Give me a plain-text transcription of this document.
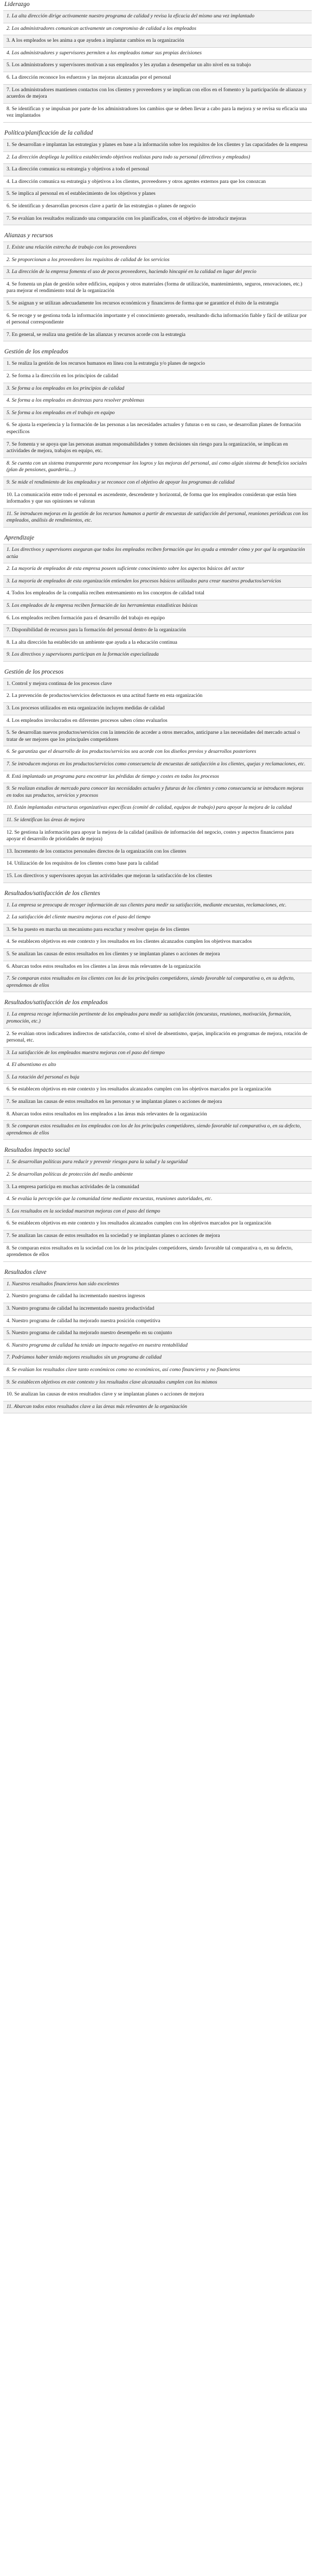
Liderazgo
1. La alta dirección dirige activamente nuestro programa de calidad y revisa la eficacia del mismo una vez implantado
2. Los administradores comunican activamente un compromiso de calidad a los empleados
3. A los empleados se les anima a que ayuden a implantar cambios en la organización
4. Los administradores y supervisores permiten a los empleados tomar sus propias decisiones
5. Los administradores y supervisores motivan a sus empleados y les ayudan a desempeñar un alto nivel en su trabajo
6. La dirección reconoce los esfuerzos y las mejoras alcanzadas por el personal
7. Los administradores mantienen contactos con los clientes y proveedores y se implican con ellos en el fomento y la participación de alianzas y acuerdos de mejora
8. Se identifican y se impulsan por parte de los administradores los cambios que se deben llevar a cabo para la mejora y se revisa su eficacia una vez implantados
Política/planificación de la calidad
1. Se desarrollan e implantan las estrategias y planes en base a la información sobre los requisitos de los clientes y las capacidades de la empresa
2. La dirección despliega la política estableciendo objetivos realistas para todo su personal (directivos y empleados)
3. La dirección comunica su estrategia y objetivos a todo el personal
4. La dirección comunica su estrategia y objetivos a los clientes, proveedores y otros agentes externos para que los conozcan
5. Se implica al personal en el establecimiento de los objetivos y planes
6. Se identifican y desarrollan procesos clave a partir de las estrategias o planes de negocio
7. Se evalúan los resultados realizando una comparación con los planificados, con el objetivo de introducir mejoras
Alianzas y recursos
1. Existe una relación estrecha de trabajo con los proveedores
2. Se proporcionan a los proveedores los requisitos de calidad de los servicios
3. La dirección de la empresa fomenta el uso de pocos proveedores, haciendo hincapié en la calidad en lugar del precio
4. Se fomenta un plan de gestión sobre edificios, equipos y otros materiales (forma de utilización, mantenimiento, seguros, renovaciones, etc.) para mejorar el rendimiento total de la organización
5. Se asignan y se utilizan adecuadamente los recursos económicos y financieros de forma que se garantice el éxito de la estrategia
6. Se recoge y se gestiona toda la información importante y el conocimiento generado, resultando dicha información fiable y fácil de utilizar por el personal correspondiente
7. En general, se realiza una gestión de las alianzas y recursos acorde con la estrategia
Gestión de los empleados
1. Se realiza la gestión de los recursos humanos en línea con la estrategia y/o planes de negocio
2. Se forma a la dirección en los principios de calidad
3. Se forma a los empleados en los principios de calidad
4. Se forma a los empleados en destrezas para resolver problemas
5. Se forma a los empleados en el trabajo en equipo
6. Se ajusta la experiencia y la formación de las personas a las necesidades actuales y futuras o en su caso, se desarrollan planes de formación específicos
7. Se fomenta y se apoya que las personas asuman responsabilidades y tomen decisiones sin riesgo para la organización, se implican en actividades de mejora, trabajos en equipo, etc.
8. Se cuenta con un sistema transparente para recompensar los logros y las mejoras del personal, así como algún sistema de beneficios sociales (plan de pensiones, guardería....)
9. Se mide el rendimiento de los empleados y se reconoce con el objetivo de apoyar los programas de calidad
10. La comunicación entre todo el personal es ascendente, descendente y horizontal, de forma que los empleados consideran que están bien informados y que sus opiniones se valoran
11. Se introducen mejoras en la gestión de los recursos humanos a partir de encuestas de satisfacción del personal, reuniones periódicas con los empleados, análisis de rendimientos, etc.
Aprendizaje
1. Los directivos y supervisores aseguran que todos los empleados reciben formación que les ayuda a entender cómo y por qué la organización actúa
2. La mayoría de empleados de esta empresa poseen suficiente conocimiento sobre los aspectos básicos del sector
3. La mayoría de empleados de esta organización entienden los procesos básicos utilizados para crear nuestros productos/servicios
4. Todos los empleados de la compañía reciben entrenamiento en los conceptos de calidad total
5. Los empleados de la empresa reciben formación de las herramientas estadísticas básicas
6. Los empleados reciben formación para el desarrollo del trabajo en equipo
7. Disponibilidad de recursos para la formación del personal dentro de la organización
8. La alta dirección ha establecido un ambiente que ayuda a la educación continua
9. Los directivos y supervisores participan en la formación especializada
Gestión de los procesos
1. Control y mejora continua de los procesos clave
2. La prevención de productos/servicios defectuosos es una actitud fuerte en esta organización
3. Los procesos utilizados en esta organización incluyen medidas de calidad
4. Los empleados involucrados en diferentes procesos saben cómo evaluarlos
5. Se desarrollan nuevos productos/servicios con la intención de acceder a otros mercados, anticiparse a las necesidades del mercado actual o tratar de ser mejores que los principales competidores
6. Se garantiza que el desarrollo de los productos/servicios sea acorde con los diseños previos y desarrollos posteriores
7. Se introducen mejoras en los productos/servicios como consecuencia de encuestas de satisfacción a los clientes, quejas y reclamaciones, etc.
8. Está implantado un programa para encontrar las pérdidas de tiempo y costes en todos los procesos
9. Se realizan estudios de mercado para conocer las necesidades actuales y futuras de los clientes y como consecuencia se introducen mejoras en todos sus productos, servicios y procesos
10. Están implantadas estructuras organizativas específicas (comité de calidad, equipos de trabajo) para apoyar la mejora de la calidad
11. Se identifican las áreas de mejora
12. Se gestiona la información para apoyar la mejora de la calidad (análisis de información del negocio, costes y aspectos financieros para apoyar el desarrollo de prioridades de mejora)
13. Incremento de los contactos personales directos de la organización con los clientes
14. Utilización de los requisitos de los clientes como base para la calidad
15. Los directivos y supervisores apoyan las actividades que mejoran la satisfacción de los clientes
Resultados/satisfacción de los clientes
1. La empresa se preocupa de recoger información de sus clientes para medir su satisfacción, mediante encuestas, reclamaciones, etc.
2. La satisfacción del cliente muestra mejoras con el paso del tiempo
3. Se ha puesto en marcha un mecanismo para escuchar y resolver quejas de los clientes
4. Se establecen objetivos en este contexto y los resultados en los clientes alcanzados cumplen los objetivos marcados
5. Se analizan las causas de estos resultados en los clientes y se implantan planes o acciones de mejora
6. Abarcan todos estos resultados en los clientes a las áreas más relevantes de la organización
7. Se comparan estos resultados en los clientes con los de los principales competidores, siendo favorable tal comparativa o, en su defecto, aprendemos de ellos
Resultados/satisfacción de los empleados
1. La empresa recoge información pertinente de los empleados para medir su satisfacción (encuestas, reuniones, motivación, formación, promoción, etc.)
2. Se evalúan otros indicadores indirectos de satisfacción, como el nivel de absentismo, quejas, implicación en programas de mejora, rotación de personal, etc.
3. La satisfacción de los empleados muestra mejoras con el paso del tiempo
4. El absentismo es alto
5. La rotación del personal es baja
6. Se establecen objetivos en este contexto y los resultados alcanzados cumplen con los objetivos marcados por la organización
7. Se analizan las causas de estos resultados en las personas y se implantan planes o acciones de mejora
8. Abarcan todos estos resultados en los empleados a las áreas más relevantes de la organización
9. Se comparan estos resultados en los empleados con los de los principales competidores, siendo favorable tal comparativa o, en su defecto, aprendemos de ellos
Resultados impacto social
1. Se desarrollan políticas para reducir y prevenir riesgos para la salud y la seguridad
2. Se desarrollan políticas de protección del medio ambiente
3. La empresa participa en muchas actividades de la comunidad
4. Se evalúa la percepción que la comunidad tiene mediante encuestas, reuniones autoridades, etc.
5. Los resultados en la sociedad muestran mejoras con el paso del tiempo
6. Se establecen objetivos en este contexto y los resultados alcanzados cumplen con los objetivos marcados por la organización
7. Se analizan las causas de estos resultados en la sociedad y se implantan planes o acciones de mejora
8. Se comparan estos resultados en la sociedad con los de los principales competidores, siendo favorable tal comparativa o, en su defecto, aprendemos de ellos
Resultados clave
1. Nuestros resultados financieros han sido excelentes
2. Nuestro programa de calidad ha incrementado nuestros ingresos
3. Nuestro programa de calidad ha incrementado nuestra productividad
4. Nuestro programa de calidad ha mejorado nuestra posición competitiva
5. Nuestro programa de calidad ha mejorado nuestro desempeño en su conjunto
6. Nuestro programa de calidad ha tenido un impacto negativo en nuestra rentabilidad
7. Podríamos haber tenido mejores resultados sin un programa de calidad
8. Se evalúan los resultados clave tanto económicos como no económicos, así como financieros y no financieros
9. Se establecen objetivos en este contexto y los resultados clave alcanzados cumplen con los mismos
10. Se analizan las causas de estos resultados clave y se implantan planes o acciones de mejora
11. Abarcan todos estos resultados clave a las áreas más relevantes de la organización
